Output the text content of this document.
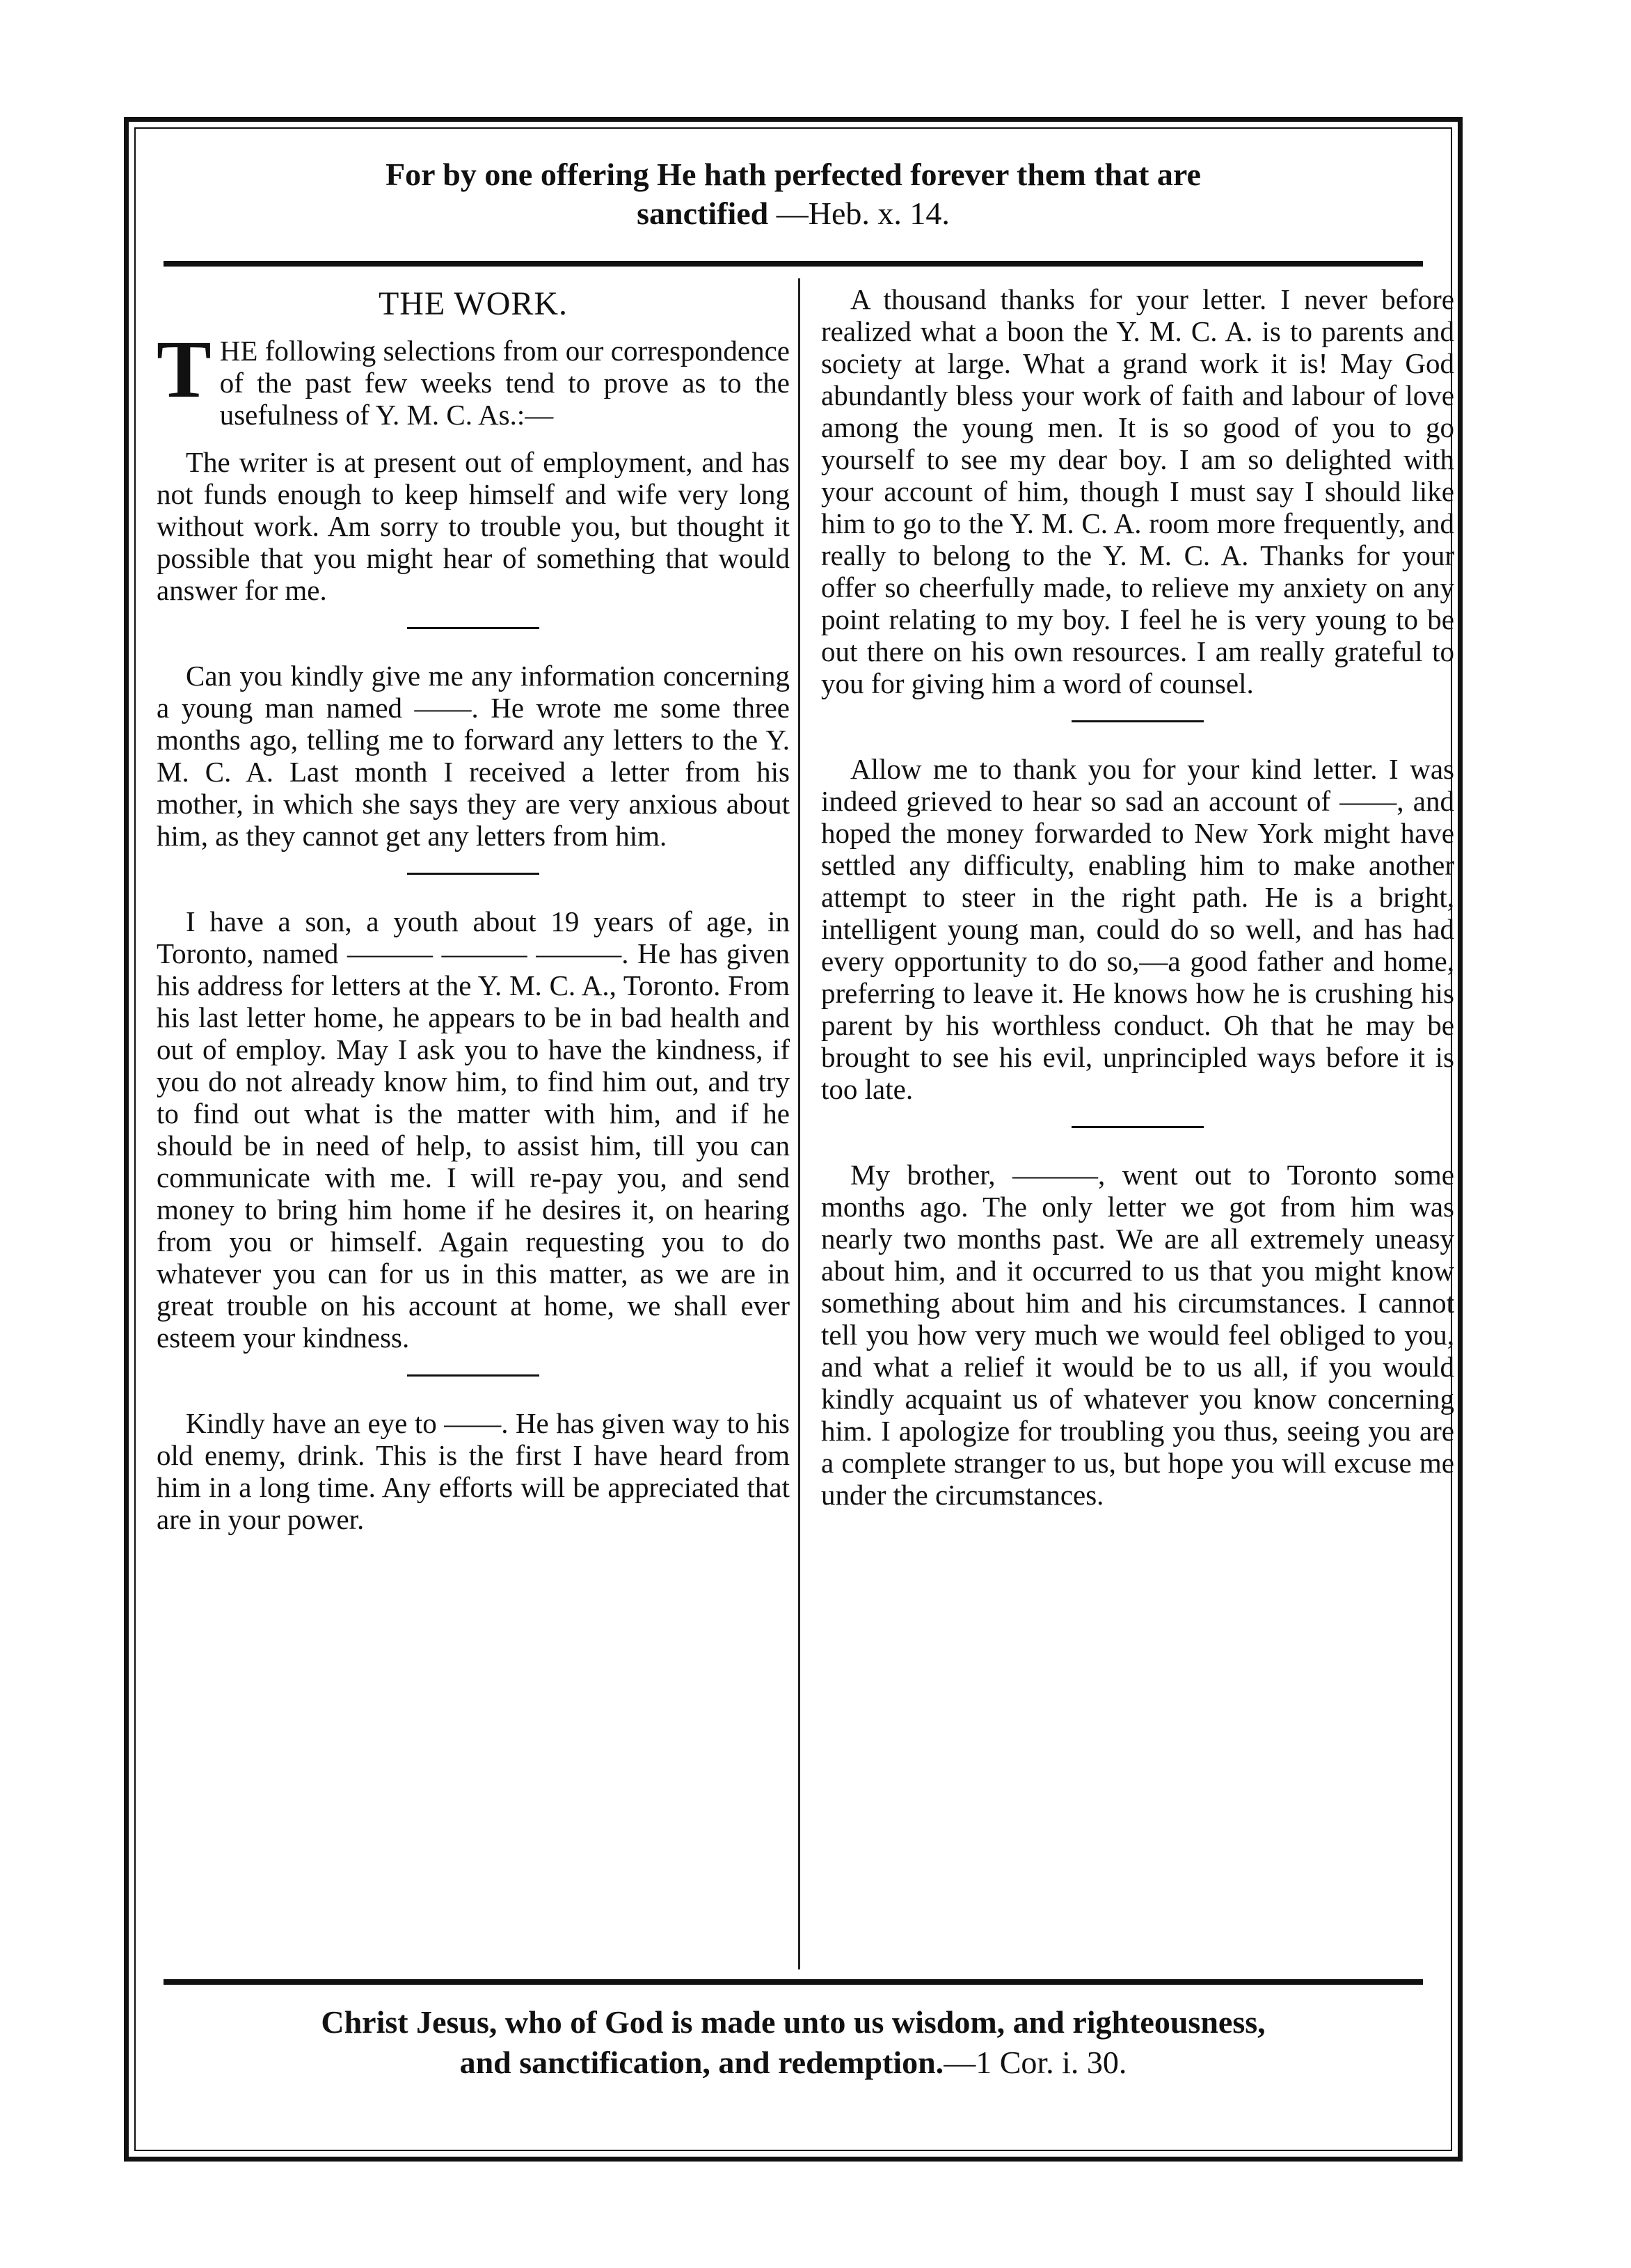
For by one offering He hath perfected forever them that are
sanctified —Heb. x. 14.
THE WORK.

THE following selections from our correspondence of the past few weeks tend to prove as to the usefulness of Y. M. C. As.:—

The writer is at present out of employment, and has not funds enough to keep himself and wife very long without work. Am sorry to trouble you, but thought it possible that you might hear of something that would answer for me.

Can you kindly give me any information concerning a young man named ——. He wrote me some three months ago, telling me to forward any letters to the Y. M. C. A. Last month I received a letter from his mother, in which she says they are very anxious about him, as they cannot get any letters from him.

I have a son, a youth about 19 years of age, in Toronto, named ——— ——— ———. He has given his address for letters at the Y. M. C. A., Toronto. From his last letter home, he appears to be in bad health and out of employ. May I ask you to have the kindness, if you do not already know him, to find him out, and try to find out what is the matter with him, and if he should be in need of help, to assist him, till you can communicate with me. I will re-pay you, and send money to bring him home if he desires it, on hearing from you or himself. Again requesting you to do whatever you can for us in this matter, as we are in great trouble on his account at home, we shall ever esteem your kindness.

Kindly have an eye to ——. He has given way to his old enemy, drink. This is the first I have heard from him in a long time. Any efforts will be appreciated that are in your power.

A thousand thanks for your letter. I never before realized what a boon the Y. M. C. A. is to parents and society at large. What a grand work it is! May God abundantly bless your work of faith and labour of love among the young men. It is so good of you to go yourself to see my dear boy. I am so delighted with your account of him, though I must say I should like him to go to the Y. M. C. A. room more frequently, and really to belong to the Y. M. C. A. Thanks for your offer so cheerfully made, to relieve my anxiety on any point relating to my boy. I feel he is very young to be out there on his own resources. I am really grateful to you for giving him a word of counsel.

Allow me to thank you for your kind letter. I was indeed grieved to hear so sad an account of ——, and hoped the money forwarded to New York might have settled any difficulty, enabling him to make another attempt to steer in the right path. He is a bright, intelligent young man, could do so well, and has had every opportunity to do so,—a good father and home, preferring to leave it. He knows how he is crushing his parent by his worthless conduct. Oh that he may be brought to see his evil, unprincipled ways before it is too late.

My brother, ———, went out to Toronto some months ago. The only letter we got from him was nearly two months past. We are all extremely uneasy about him, and it occurred to us that you might know something about him and his circumstances. I cannot tell you how very much we would feel obliged to you, and what a relief it would be to us all, if you would kindly acquaint us of whatever you know concerning him. I apologize for troubling you thus, seeing you are a complete stranger to us, but hope you will excuse me under the circumstances.

Christ Jesus, who of God is made unto us wisdom, and righteousness,
and sanctification, and redemption.—1 Cor. i. 30.
